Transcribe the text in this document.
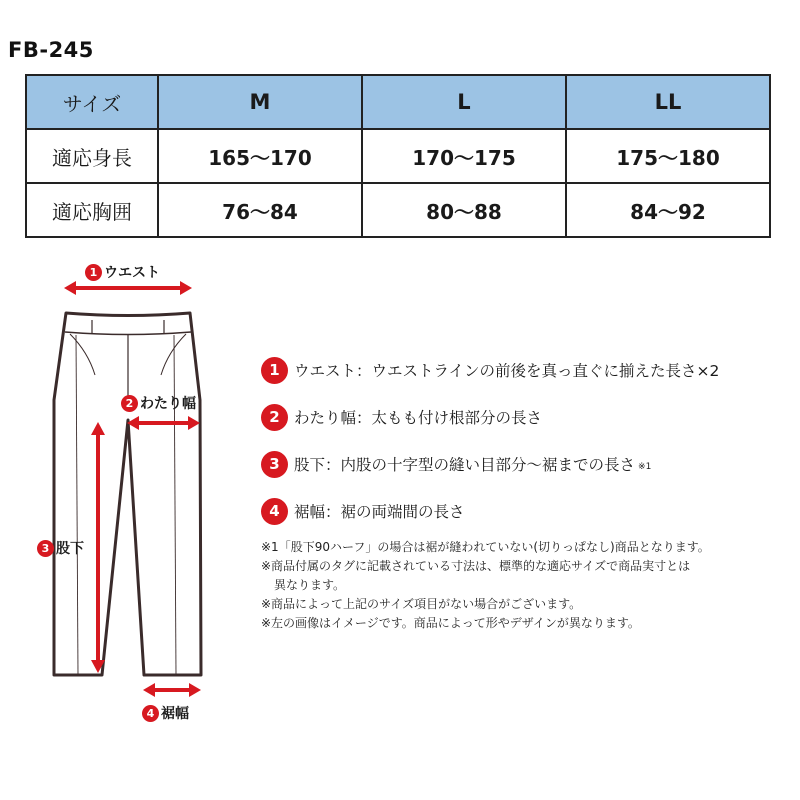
FB-245
サイズ	M	L	LL
適応身長	165〜170	170〜175	175〜180
適応胸囲	76〜84	80〜88	84〜92
1 ウエスト
2 わたり幅
3 股下
4 裾幅
1 ウエスト ：ウエストラインの前後を真っ直ぐに揃えた長さ×2
2 わたり幅 ：太もも付け根部分の長さ
3 股下 ：内股の十字型の縫い目部分〜裾までの長さ ※1
4 裾幅 ：裾の両端間の長さ

※1「股下90ハーフ」の場合は裾が縫われていない(切りっぱなし)商品となります。

※商品付属のタグに記載されている寸法は、標準的な適応サイズで商品実寸とは

異なります。

※商品によって上記のサイズ項目がない場合がございます。

※左の画像はイメージです。商品によって形やデザインが異なります。
